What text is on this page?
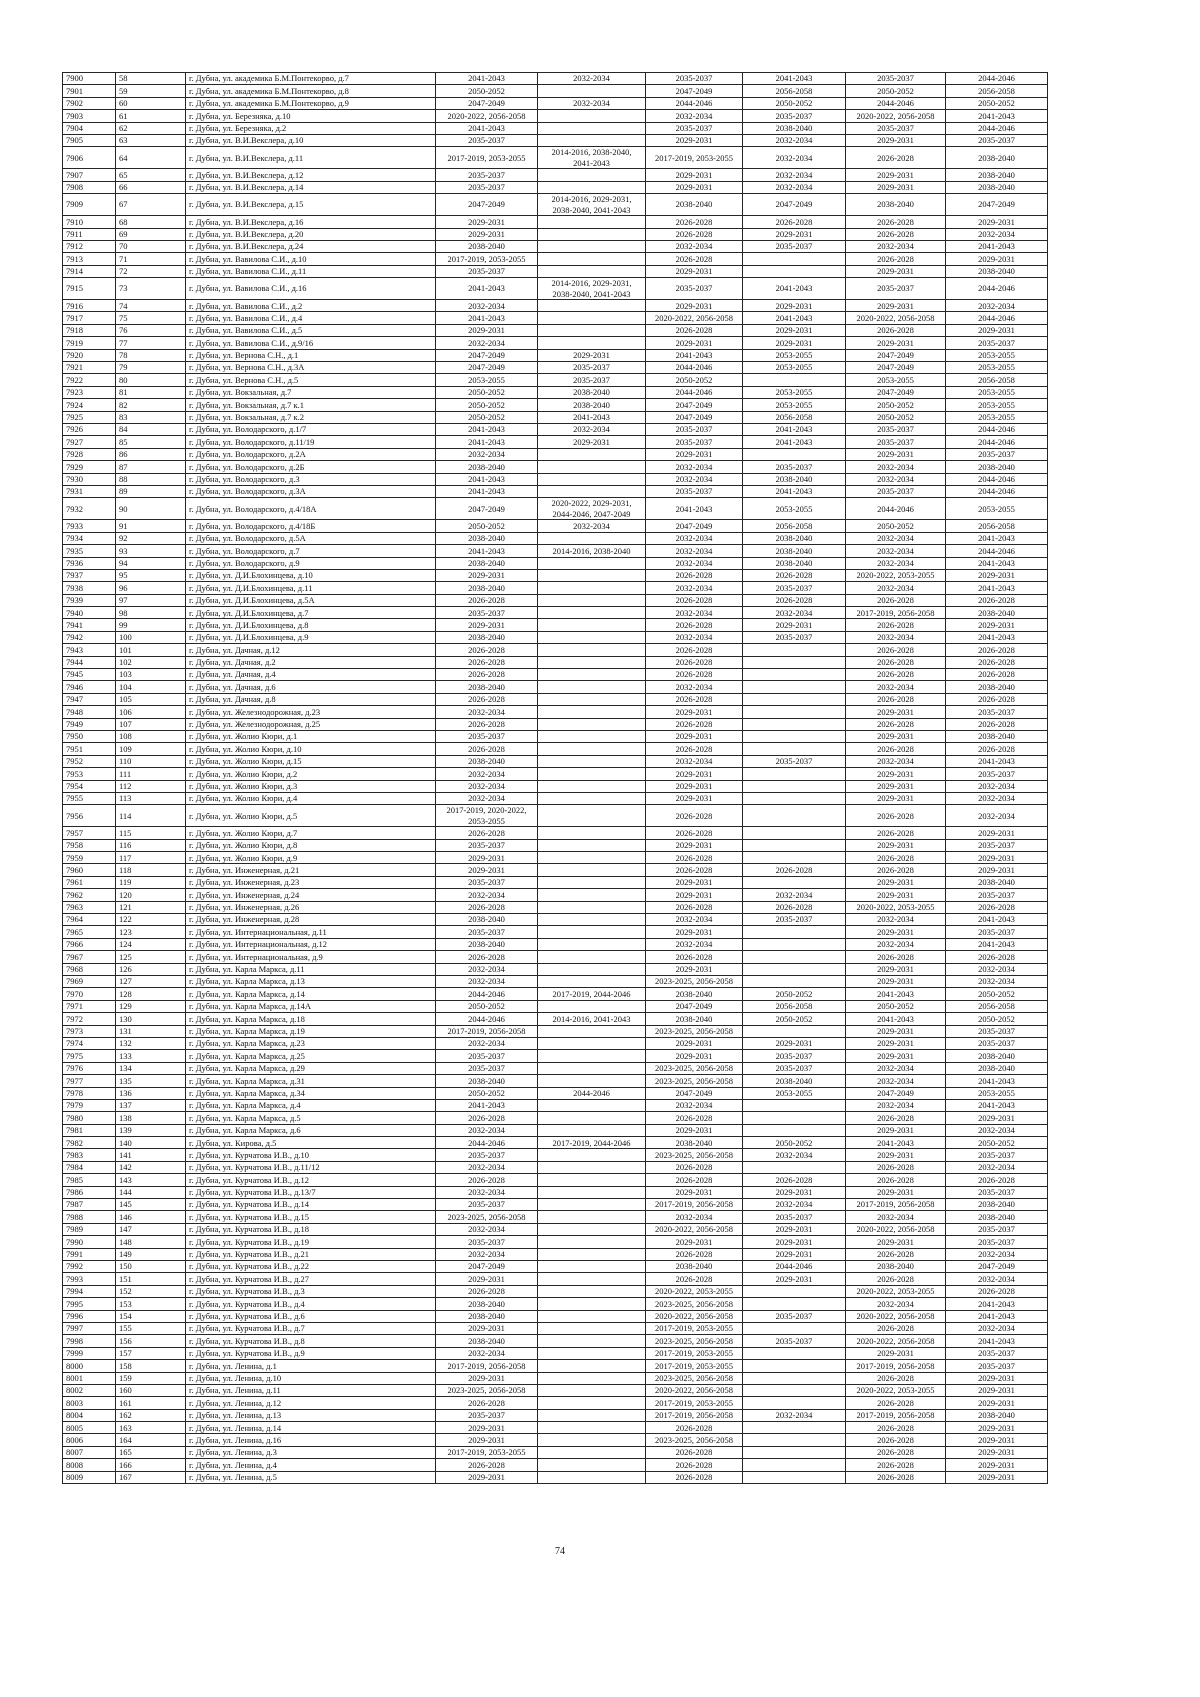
7900	58	г. Дубна, ул. академика Б.М.Понтекорво, д.7	2041-2043	2032-2034	2035-2037	2041-2043	2035-2037	2044-2046
7901	59	г. Дубна, ул. академика Б.М.Понтекорво, д.8	2050-2052		2047-2049	2056-2058	2050-2052	2056-2058
7902	60	г. Дубна, ул. академика Б.М.Понтекорво, д.9	2047-2049	2032-2034	2044-2046	2050-2052	2044-2046	2050-2052
7903	61	г. Дубна, ул. Березняка, д.10	2020-2022, 2056-2058		2032-2034	2035-2037	2020-2022, 2056-2058	2041-2043
7904	62	г. Дубна, ул. Березняка, д.2	2041-2043		2035-2037	2038-2040	2035-2037	2044-2046
7905	63	г. Дубна, ул. В.И.Векслера, д.10	2035-2037		2029-2031	2032-2034	2029-2031	2035-2037
7906	64	г. Дубна, ул. В.И.Векслера, д.11	2017-2019, 2053-2055	2014-2016, 2038-2040, 2041-2043	2017-2019, 2053-2055	2032-2034	2026-2028	2038-2040
7907	65	г. Дубна, ул. В.И.Векслера, д.12	2035-2037		2029-2031	2032-2034	2029-2031	2038-2040
7908	66	г. Дубна, ул. В.И.Векслера, д.14	2035-2037		2029-2031	2032-2034	2029-2031	2038-2040
7909	67	г. Дубна, ул. В.И.Векслера, д.15	2047-2049	2014-2016, 2029-2031, 2038-2040, 2041-2043	2038-2040	2047-2049	2038-2040	2047-2049
7910	68	г. Дубна, ул. В.И.Векслера, д.16	2029-2031		2026-2028	2026-2028	2026-2028	2029-2031
7911	69	г. Дубна, ул. В.И.Векслера, д.20	2029-2031		2026-2028	2029-2031	2026-2028	2032-2034
7912	70	г. Дубна, ул. В.И.Векслера, д.24	2038-2040		2032-2034	2035-2037	2032-2034	2041-2043
7913	71	г. Дубна, ул. Вавилова С.И., д.10	2017-2019, 2053-2055		2026-2028		2026-2028	2029-2031
7914	72	г. Дубна, ул. Вавилова С.И., д.11	2035-2037		2029-2031		2029-2031	2038-2040
7915	73	г. Дубна, ул. Вавилова С.И., д.16	2041-2043	2014-2016, 2029-2031, 2038-2040, 2041-2043	2035-2037	2041-2043	2035-2037	2044-2046
7916	74	г. Дубна, ул. Вавилова С.И., д.2	2032-2034		2029-2031	2029-2031	2029-2031	2032-2034
7917	75	г. Дубна, ул. Вавилова С.И., д.4	2041-2043		2020-2022, 2056-2058	2041-2043	2020-2022, 2056-2058	2044-2046
7918	76	г. Дубна, ул. Вавилова С.И., д.5	2029-2031		2026-2028	2029-2031	2026-2028	2029-2031
7919	77	г. Дубна, ул. Вавилова С.И., д.9/16	2032-2034		2029-2031	2029-2031	2029-2031	2035-2037
7920	78	г. Дубна, ул. Вернова С.Н., д.1	2047-2049	2029-2031	2041-2043	2053-2055	2047-2049	2053-2055
7921	79	г. Дубна, ул. Вернова С.Н., д.3А	2047-2049	2035-2037	2044-2046	2053-2055	2047-2049	2053-2055
7922	80	г. Дубна, ул. Вернова С.Н., д.5	2053-2055	2035-2037	2050-2052		2053-2055	2056-2058
7923	81	г. Дубна, ул. Вокзальная, д.7	2050-2052	2038-2040	2044-2046	2053-2055	2047-2049	2053-2055
7924	82	г. Дубна, ул. Вокзальная, д.7 к.1	2050-2052	2038-2040	2047-2049	2053-2055	2050-2052	2053-2055
7925	83	г. Дубна, ул. Вокзальная, д.7 к.2	2050-2052	2041-2043	2047-2049	2056-2058	2050-2052	2053-2055
7926	84	г. Дубна, ул. Володарского, д.1/7	2041-2043	2032-2034	2035-2037	2041-2043	2035-2037	2044-2046
7927	85	г. Дубна, ул. Володарского, д.11/19	2041-2043	2029-2031	2035-2037	2041-2043	2035-2037	2044-2046
7928	86	г. Дубна, ул. Володарского, д.2А	2032-2034		2029-2031		2029-2031	2035-2037
7929	87	г. Дубна, ул. Володарского, д.2Б	2038-2040		2032-2034	2035-2037	2032-2034	2038-2040
7930	88	г. Дубна, ул. Володарского, д.3	2041-2043		2032-2034	2038-2040	2032-2034	2044-2046
7931	89	г. Дубна, ул. Володарского, д.3А	2041-2043		2035-2037	2041-2043	2035-2037	2044-2046
7932	90	г. Дубна, ул. Володарского, д.4/18А	2047-2049	2020-2022, 2029-2031, 2044-2046, 2047-2049	2041-2043	2053-2055	2044-2046	2053-2055
7933	91	г. Дубна, ул. Володарского, д.4/18Б	2050-2052	2032-2034	2047-2049	2056-2058	2050-2052	2056-2058
7934	92	г. Дубна, ул. Володарского, д.5А	2038-2040		2032-2034	2038-2040	2032-2034	2041-2043
7935	93	г. Дубна, ул. Володарского, д.7	2041-2043	2014-2016, 2038-2040	2032-2034	2038-2040	2032-2034	2044-2046
7936	94	г. Дубна, ул. Володарского, д.9	2038-2040		2032-2034	2038-2040	2032-2034	2041-2043
7937	95	г. Дубна, ул. Д.И.Блохинцева, д.10	2029-2031		2026-2028	2026-2028	2020-2022, 2053-2055	2029-2031
7938	96	г. Дубна, ул. Д.И.Блохинцева, д.11	2038-2040		2032-2034	2035-2037	2032-2034	2041-2043
7939	97	г. Дубна, ул. Д.И.Блохинцева, д.5А	2026-2028		2026-2028	2026-2028	2026-2028	2026-2028
7940	98	г. Дубна, ул. Д.И.Блохинцева, д.7	2035-2037		2032-2034	2032-2034	2017-2019, 2056-2058	2038-2040
7941	99	г. Дубна, ул. Д.И.Блохинцева, д.8	2029-2031		2026-2028	2029-2031	2026-2028	2029-2031
7942	100	г. Дубна, ул. Д.И.Блохинцева, д.9	2038-2040		2032-2034	2035-2037	2032-2034	2041-2043
7943	101	г. Дубна, ул. Дачная, д.12	2026-2028		2026-2028		2026-2028	2026-2028
7944	102	г. Дубна, ул. Дачная, д.2	2026-2028		2026-2028		2026-2028	2026-2028
7945	103	г. Дубна, ул. Дачная, д.4	2026-2028		2026-2028		2026-2028	2026-2028
7946	104	г. Дубна, ул. Дачная, д.6	2038-2040		2032-2034		2032-2034	2038-2040
7947	105	г. Дубна, ул. Дачная, д.8	2026-2028		2026-2028		2026-2028	2026-2028
7948	106	г. Дубна, ул. Железнодорожная, д.23	2032-2034		2029-2031		2029-2031	2035-2037
7949	107	г. Дубна, ул. Железнодорожная, д.25	2026-2028		2026-2028		2026-2028	2026-2028
7950	108	г. Дубна, ул. Жолио Кюри, д.1	2035-2037		2029-2031		2029-2031	2038-2040
7951	109	г. Дубна, ул. Жолио Кюри, д.10	2026-2028		2026-2028		2026-2028	2026-2028
7952	110	г. Дубна, ул. Жолио Кюри, д.15	2038-2040		2032-2034	2035-2037	2032-2034	2041-2043
7953	111	г. Дубна, ул. Жолио Кюри, д.2	2032-2034		2029-2031		2029-2031	2035-2037
7954	112	г. Дубна, ул. Жолио Кюри, д.3	2032-2034		2029-2031		2029-2031	2032-2034
7955	113	г. Дубна, ул. Жолио Кюри, д.4	2032-2034		2029-2031		2029-2031	2032-2034
7956	114	г. Дубна, ул. Жолио Кюри, д.5	2017-2019, 2020-2022, 2053-2055		2026-2028		2026-2028	2032-2034
7957	115	г. Дубна, ул. Жолио Кюри, д.7	2026-2028		2026-2028		2026-2028	2029-2031
7958	116	г. Дубна, ул. Жолио Кюри, д.8	2035-2037		2029-2031		2029-2031	2035-2037
7959	117	г. Дубна, ул. Жолио Кюри, д.9	2029-2031		2026-2028		2026-2028	2029-2031
7960	118	г. Дубна, ул. Инженерная, д.21	2029-2031		2026-2028	2026-2028	2026-2028	2029-2031
7961	119	г. Дубна, ул. Инженерная, д.23	2035-2037		2029-2031		2029-2031	2038-2040
7962	120	г. Дубна, ул. Инженерная, д.24	2032-2034		2029-2031	2032-2034	2029-2031	2035-2037
7963	121	г. Дубна, ул. Инженерная, д.26	2026-2028		2026-2028	2026-2028	2020-2022, 2053-2055	2026-2028
7964	122	г. Дубна, ул. Инженерная, д.28	2038-2040		2032-2034	2035-2037	2032-2034	2041-2043
7965	123	г. Дубна, ул. Интернациональная, д.11	2035-2037		2029-2031		2029-2031	2035-2037
7966	124	г. Дубна, ул. Интернациональная, д.12	2038-2040		2032-2034		2032-2034	2041-2043
7967	125	г. Дубна, ул. Интернациональная, д.9	2026-2028		2026-2028		2026-2028	2026-2028
7968	126	г. Дубна, ул. Карла Маркса, д.11	2032-2034		2029-2031		2029-2031	2032-2034
7969	127	г. Дубна, ул. Карла Маркса, д.13	2032-2034		2023-2025, 2056-2058		2029-2031	2032-2034
7970	128	г. Дубна, ул. Карла Маркса, д.14	2044-2046	2017-2019, 2044-2046	2038-2040	2050-2052	2041-2043	2050-2052
7971	129	г. Дубна, ул. Карла Маркса, д.14А	2050-2052		2047-2049	2056-2058	2050-2052	2056-2058
7972	130	г. Дубна, ул. Карла Маркса, д.18	2044-2046	2014-2016, 2041-2043	2038-2040	2050-2052	2041-2043	2050-2052
7973	131	г. Дубна, ул. Карла Маркса, д.19	2017-2019, 2056-2058		2023-2025, 2056-2058		2029-2031	2035-2037
7974	132	г. Дубна, ул. Карла Маркса, д.23	2032-2034		2029-2031	2029-2031	2029-2031	2035-2037
7975	133	г. Дубна, ул. Карла Маркса, д.25	2035-2037		2029-2031	2035-2037	2029-2031	2038-2040
7976	134	г. Дубна, ул. Карла Маркса, д.29	2035-2037		2023-2025, 2056-2058	2035-2037	2032-2034	2038-2040
7977	135	г. Дубна, ул. Карла Маркса, д.31	2038-2040		2023-2025, 2056-2058	2038-2040	2032-2034	2041-2043
7978	136	г. Дубна, ул. Карла Маркса, д.34	2050-2052	2044-2046	2047-2049	2053-2055	2047-2049	2053-2055
7979	137	г. Дубна, ул. Карла Маркса, д.4	2041-2043		2032-2034		2032-2034	2041-2043
7980	138	г. Дубна, ул. Карла Маркса, д.5	2026-2028		2026-2028		2026-2028	2029-2031
7981	139	г. Дубна, ул. Карла Маркса, д.6	2032-2034		2029-2031		2029-2031	2032-2034
7982	140	г. Дубна, ул. Кирова, д.5	2044-2046	2017-2019, 2044-2046	2038-2040	2050-2052	2041-2043	2050-2052
7983	141	г. Дубна, ул. Курчатова И.В., д.10	2035-2037		2023-2025, 2056-2058	2032-2034	2029-2031	2035-2037
7984	142	г. Дубна, ул. Курчатова И.В., д.11/12	2032-2034		2026-2028		2026-2028	2032-2034
7985	143	г. Дубна, ул. Курчатова И.В., д.12	2026-2028		2026-2028	2026-2028	2026-2028	2026-2028
7986	144	г. Дубна, ул. Курчатова И.В., д.13/7	2032-2034		2029-2031	2029-2031	2029-2031	2035-2037
7987	145	г. Дубна, ул. Курчатова И.В., д.14	2035-2037		2017-2019, 2056-2058	2032-2034	2017-2019, 2056-2058	2038-2040
7988	146	г. Дубна, ул. Курчатова И.В., д.15	2023-2025, 2056-2058		2032-2034	2035-2037	2032-2034	2038-2040
7989	147	г. Дубна, ул. Курчатова И.В., д.18	2032-2034		2020-2022, 2056-2058	2029-2031	2020-2022, 2056-2058	2035-2037
7990	148	г. Дубна, ул. Курчатова И.В., д.19	2035-2037		2029-2031	2029-2031	2029-2031	2035-2037
7991	149	г. Дубна, ул. Курчатова И.В., д.21	2032-2034		2026-2028	2029-2031	2026-2028	2032-2034
7992	150	г. Дубна, ул. Курчатова И.В., д.22	2047-2049		2038-2040	2044-2046	2038-2040	2047-2049
7993	151	г. Дубна, ул. Курчатова И.В., д.27	2029-2031		2026-2028	2029-2031	2026-2028	2032-2034
7994	152	г. Дубна, ул. Курчатова И.В., д.3	2026-2028		2020-2022, 2053-2055		2020-2022, 2053-2055	2026-2028
7995	153	г. Дубна, ул. Курчатова И.В., д.4	2038-2040		2023-2025, 2056-2058		2032-2034	2041-2043
7996	154	г. Дубна, ул. Курчатова И.В., д.6	2038-2040		2020-2022, 2056-2058	2035-2037	2020-2022, 2056-2058	2041-2043
7997	155	г. Дубна, ул. Курчатова И.В., д.7	2029-2031		2017-2019, 2053-2055		2026-2028	2032-2034
7998	156	г. Дубна, ул. Курчатова И.В., д.8	2038-2040		2023-2025, 2056-2058	2035-2037	2020-2022, 2056-2058	2041-2043
7999	157	г. Дубна, ул. Курчатова И.В., д.9	2032-2034		2017-2019, 2053-2055		2029-2031	2035-2037
8000	158	г. Дубна, ул. Ленина, д.1	2017-2019, 2056-2058		2017-2019, 2053-2055		2017-2019, 2056-2058	2035-2037
8001	159	г. Дубна, ул. Ленина, д.10	2029-2031		2023-2025, 2056-2058		2026-2028	2029-2031
8002	160	г. Дубна, ул. Ленина, д.11	2023-2025, 2056-2058		2020-2022, 2056-2058		2020-2022, 2053-2055	2029-2031
8003	161	г. Дубна, ул. Ленина, д.12	2026-2028		2017-2019, 2053-2055		2026-2028	2029-2031
8004	162	г. Дубна, ул. Ленина, д.13	2035-2037		2017-2019, 2056-2058	2032-2034	2017-2019, 2056-2058	2038-2040
8005	163	г. Дубна, ул. Ленина, д.14	2029-2031		2026-2028		2026-2028	2029-2031
8006	164	г. Дубна, ул. Ленина, д.16	2029-2031		2023-2025, 2056-2058		2026-2028	2029-2031
8007	165	г. Дубна, ул. Ленина, д.3	2017-2019, 2053-2055		2026-2028		2026-2028	2029-2031
8008	166	г. Дубна, ул. Ленина, д.4	2026-2028		2026-2028		2026-2028	2029-2031
8009	167	г. Дубна, ул. Ленина, д.5	2029-2031		2026-2028		2026-2028	2029-2031
74
